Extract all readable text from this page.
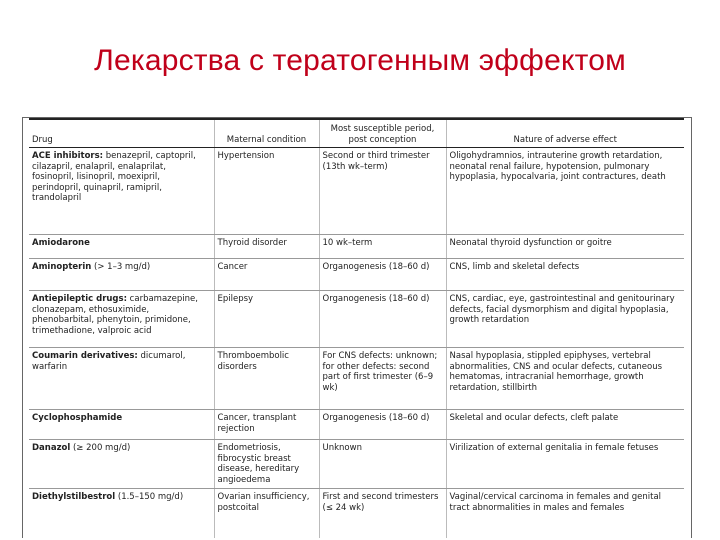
Лекарства с тератогенным эффектом
Drug	Maternal condition	Most susceptible period, post conception	Nature of adverse effect
ACE inhibitors: benazepril, captopril, cilazapril, enalapril, enalaprilat, fosinopril, lisinopril, moexipril, perindopril, quinapril, ramipril, trandolapril	Hypertension	Second or third trimester (13th wk–term)	Oligohydramnios, intrauterine growth retardation, neonatal renal failure, hypotension, pulmonary hypoplasia, hypocalvaria, joint contractures, death
Amiodarone	Thyroid disorder	10 wk–term	Neonatal thyroid dysfunction or goitre
Aminopterin (> 1–3 mg/d)	Cancer	Organogenesis (18–60 d)	CNS, limb and skeletal defects
Antiepileptic drugs: carbamazepine, clonazepam, ethosuximide, phenobarbital, phenytoin, primidone, trimethadione, valproic acid	Epilepsy	Organogenesis (18–60 d)	CNS, cardiac, eye, gastrointestinal and genitourinary defects, facial dysmorphism and digital hypoplasia, growth retardation
Coumarin derivatives: dicumarol, warfarin	Thromboembolic disorders	For CNS defects: unknown; for other defects: second part of first trimester (6–9 wk)	Nasal hypoplasia, stippled epiphyses, vertebral abnormalities, CNS and ocular defects, cutaneous hematomas, intracranial hemorrhage, growth retardation, stillbirth
Cyclophosphamide	Cancer, transplant rejection	Organogenesis (18–60 d)	Skeletal and ocular defects, cleft palate
Danazol (≥ 200 mg/d)	Endometriosis, fibrocystic breast disease, hereditary angioedema	Unknown	Virilization of external genitalia in female fetuses
Diethylstilbestrol (1.5–150 mg/d)	Ovarian insufficiency, postcoital	First and second trimesters (≤ 24 wk)	Vaginal/cervical carcinoma in females and genital tract abnormalities in males and females
